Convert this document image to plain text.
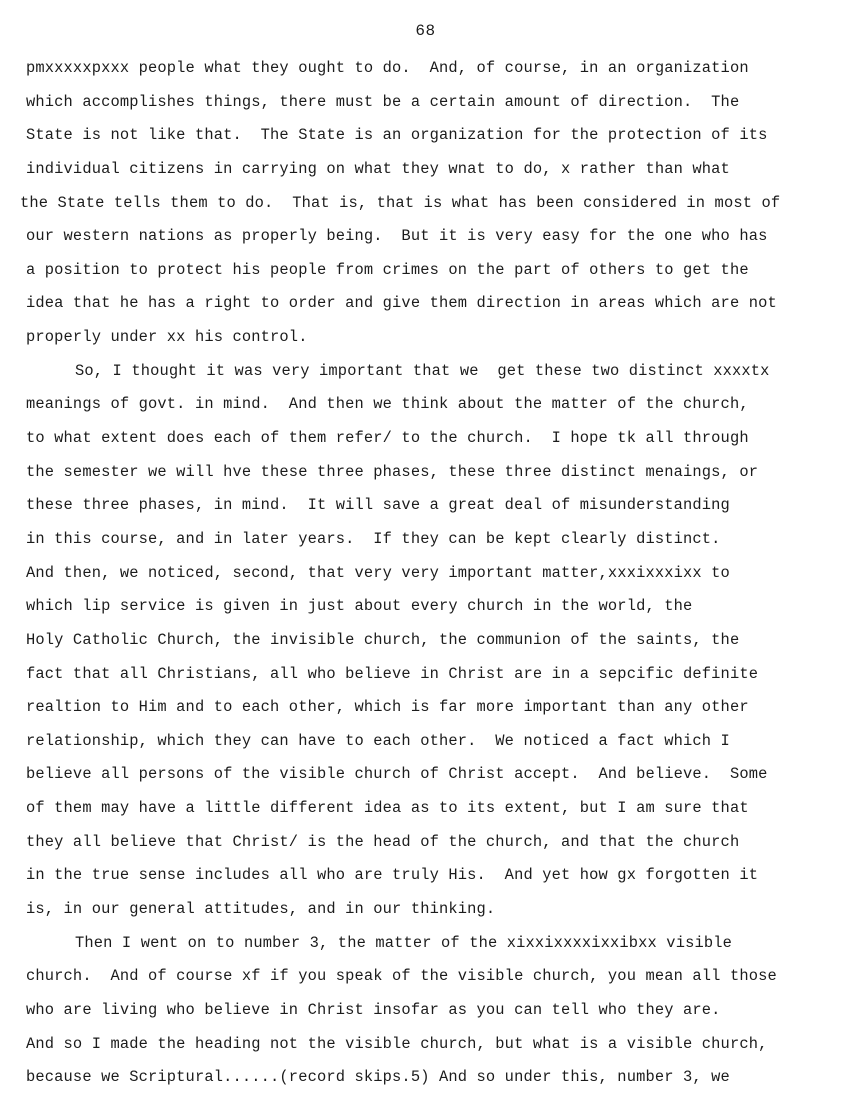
68
pmxxxxxpxxx people what they ought to do.  And, of course, in an organization
which accomplishes things, there must be a certain amount of direction.  The
State is not like that.  The State is an organization for the protection of its
individual citizens in carrying on what they wnat to do, x rather than what
the State tells them to do.  That is, that is what has been considered in most of
our western nations as properly being.  But it is very easy for the one who has
a position to protect his people from crimes on the part of others to get the
idea that he has a right to order and give them direction in areas which are not
properly under xx his control.
So, I thought it was very important that we  get these two distinct xxxxtx
meanings of govt. in mind.  And then we think about the matter of the church,
to what extent does each of them refer/ to the church.  I hope tk all through
the semester we will hve these three phases, these three distinct menaings, or
these three phases, in mind.  It will save a great deal of misunderstanding
in this course, and in later years.  If they can be kept clearly distinct.
And then, we noticed, second, that very very important matter,xxxixxxixx to
which lip service is given in just about every church in the world, the
Holy Catholic Church, the invisible church, the communion of the saints, the
fact that all Christians, all who believe in Christ are in a sepcific definite
realtion to Him and to each other, which is far more important than any other
relationship, which they can have to each other.  We noticed a fact which I
believe all persons of the visible church of Christ accept.  And believe.  Some
of them may have a little different idea as to its extent, but I am sure that
they all believe that Christ/ is the head of the church, and that the church
in the true sense includes all who are truly His.  And yet how gx forgotten it
is, in our general attitudes, and in our thinking.
Then I went on to number 3, the matter of the xixxixxxxixxibxx visible
church.  And of course xf if you speak of the visible church, you mean all those
who are living who believe in Christ insofar as you can tell who they are.
And so I made the heading not the visible church, but what is a visible church,
because we Scriptural......(record skips.5) And so under this, number 3, we
